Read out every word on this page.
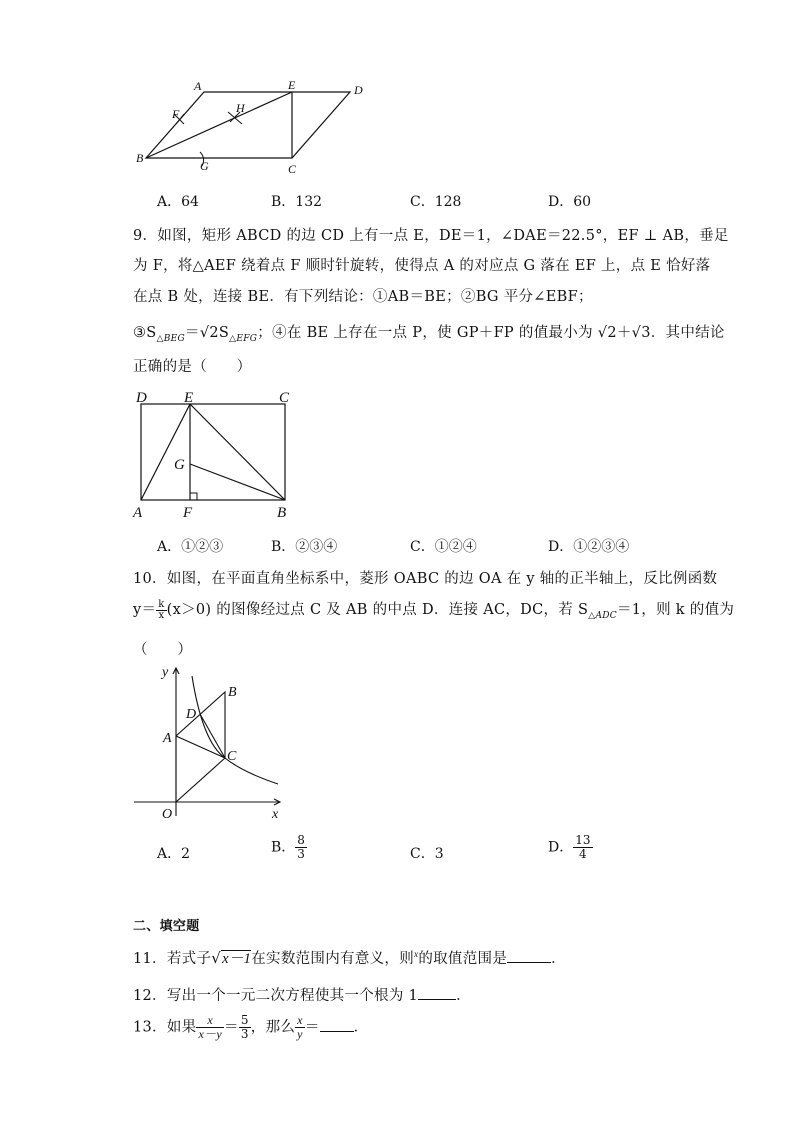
A	E	D
F	H
B
G	C
A．64	B．132	C．128	D．60
9．如图，矩形 ABCD 的边 CD 上有一点 E，DE＝1，∠DAE＝22.5°，EF ⊥ AB，垂足
为 F，将△AEF 绕着点 F 顺时针旋转，使得点 A 的对应点 G 落在 EF 上，点 E 恰好落
在点 B 处，连接 BE．有下列结论：①AB＝BE；②BG 平分∠EBF；
$③S_{\triangle BEG}=√2S_{\triangle EFG}$；④在 BE 上存在一点 P，使 GP＋FP 的值最小为 √2＋√3．其中结论
正确的是（　　）
D E	C
G
A	F	B
A．①②③	B．②③④	C．①②④	D．①②③④
10．如图，在平面直角坐标系中，菱形 OABC 的边 OA 在 y 轴的正半轴上，反比例函数
$y= \frac{k}{x} (x>0)$ 的图像经过点 C 及 AB 的中点 D．连接 AC，DC，若 $S_{\triangle ADC}=1$，则 k 的值为
（　　）
y
B
D
A
C
O	x
A．2	B． $\frac{8}{3}$	C．3	D． $\frac{13}{4}$
二、填空题
11．若式子√x－1在实数范围内有意义，则$^x$的取值范围是	．
12．写出一个一元二次方程使其一个根为 1	．
13．如果 $\frac{x}{x-y} = \frac{5}{3}$ ，那么 $\frac{x}{y}$ ＝ ．
